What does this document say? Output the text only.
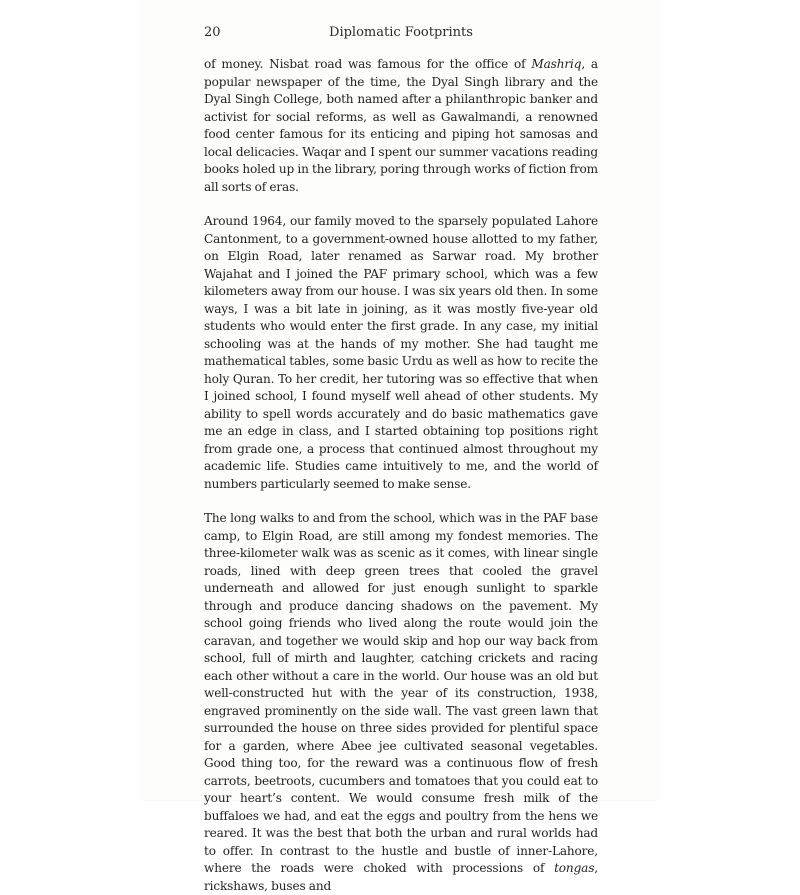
20	Diplomatic Footprints

of money. Nisbat road was famous for the office of Mashriq, a popular newspaper of the time, the Dyal Singh library and the Dyal Singh College, both named after a philanthropic banker and activist for social reforms, as well as Gawalmandi, a renowned food center famous for its enticing and piping hot samosas and local delicacies. Waqar and I spent our summer vacations reading books holed up in the library, poring through works of fiction from all sorts of eras.

Around 1964, our family moved to the sparsely populated Lahore Cantonment, to a government-owned house allotted to my father, on Elgin Road, later renamed as Sarwar road. My brother Wajahat and I joined the PAF primary school, which was a few kilometers away from our house. I was six years old then. In some ways, I was a bit late in joining, as it was mostly five-year old students who would enter the first grade. In any case, my initial schooling was at the hands of my mother. She had taught me mathematical tables, some basic Urdu as well as how to recite the holy Quran. To her credit, her tutoring was so effective that when I joined school, I found myself well ahead of other students. My ability to spell words accurately and do basic mathematics gave me an edge in class, and I started obtaining top positions right from grade one, a process that continued almost throughout my academic life. Studies came intuitively to me, and the world of numbers particularly seemed to make sense.

The long walks to and from the school, which was in the PAF base camp, to Elgin Road, are still among my fondest memories. The three-kilometer walk was as scenic as it comes, with linear single roads, lined with deep green trees that cooled the gravel underneath and allowed for just enough sunlight to sparkle through and produce dancing shadows on the pavement. My school going friends who lived along the route would join the caravan, and together we would skip and hop our way back from school, full of mirth and laughter, catching crickets and racing each other without a care in the world. Our house was an old but well-constructed hut with the year of its construction, 1938, engraved prominently on the side wall. The vast green lawn that surrounded the house on three sides provided for plentiful space for a garden, where Abee jee cultivated seasonal vegetables. Good thing too, for the reward was a continuous flow of fresh carrots, beetroots, cucumbers and tomatoes that you could eat to your heart’s content. We would consume fresh milk of the buffaloes we had, and eat the eggs and poultry from the hens we reared. It was the best that both the urban and rural worlds had to offer. In contrast to the hustle and bustle of inner-Lahore, where the roads were choked with processions of tongas, rickshaws, buses and
